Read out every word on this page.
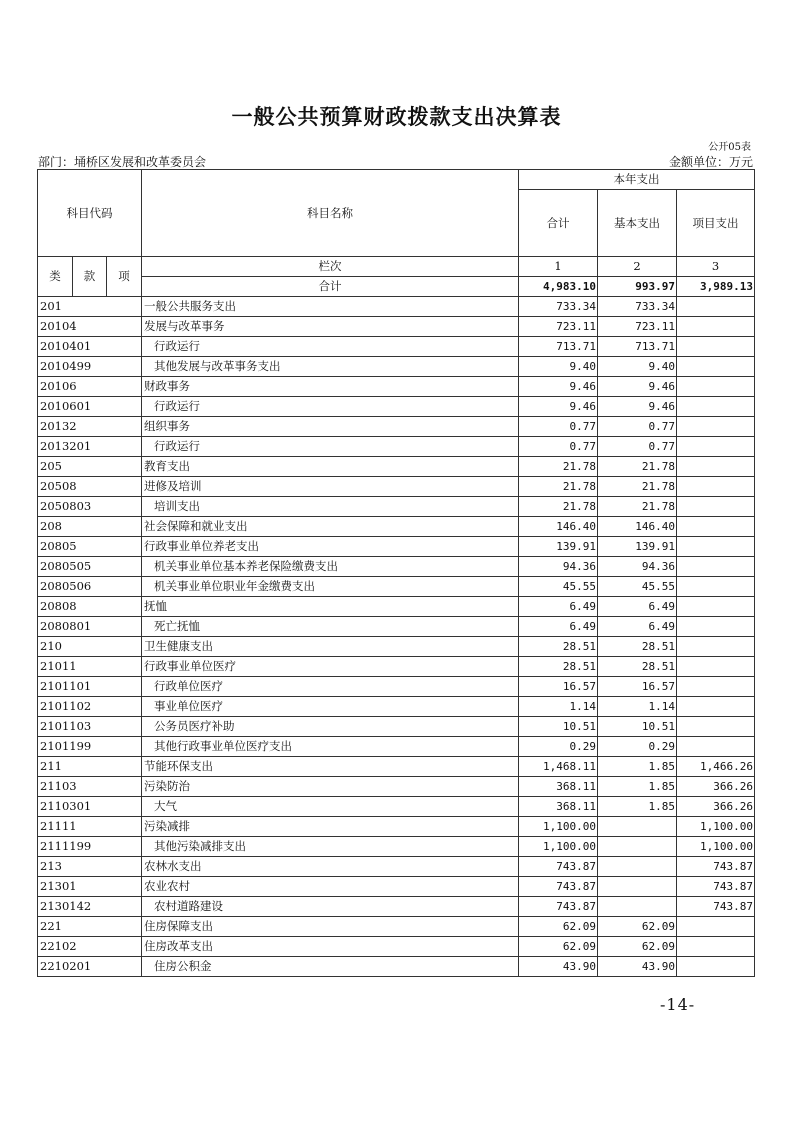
一般公共预算财政拨款支出决算表
公开05表
部门：埇桥区发展和改革委员会	金额单位：万元
科目代码			科目名称	本年支出		
				合计	基本支出	项目支出

类	款	项	栏次	1	2	3
			合计	4,983.10	993.97	3,989.13
201			一般公共服务支出	733.34	733.34	
20104			发展与改革事务	723.11	723.11	
2010401			行政运行	713.71	713.71	
2010499			其他发展与改革事务支出	9.40	9.40	
20106			财政事务	9.46	9.46	
2010601			行政运行	9.46	9.46	
20132			组织事务	0.77	0.77	
2013201			行政运行	0.77	0.77	
205			教育支出	21.78	21.78	
20508			进修及培训	21.78	21.78	
2050803			培训支出	21.78	21.78	
208			社会保障和就业支出	146.40	146.40	
20805			行政事业单位养老支出	139.91	139.91	
2080505			机关事业单位基本养老保险缴费支出	94.36	94.36	
2080506			机关事业单位职业年金缴费支出	45.55	45.55	
20808			抚恤	6.49	6.49	
2080801			死亡抚恤	6.49	6.49	
210			卫生健康支出	28.51	28.51	
21011			行政事业单位医疗	28.51	28.51	
2101101			行政单位医疗	16.57	16.57	
2101102			事业单位医疗	1.14	1.14	
2101103			公务员医疗补助	10.51	10.51	
2101199			其他行政事业单位医疗支出	0.29	0.29	
211			节能环保支出	1,468.11	1.85	1,466.26
21103			污染防治	368.11	1.85	366.26
2110301			大气	368.11	1.85	366.26
21111			污染减排	1,100.00		1,100.00
2111199			其他污染减排支出	1,100.00		1,100.00
213			农林水支出	743.87		743.87
21301			农业农村	743.87		743.87
2130142			农村道路建设	743.87		743.87
221			住房保障支出	62.09	62.09	
22102			住房改革支出	62.09	62.09	
2210201			住房公积金	43.90	43.90	
-14-
